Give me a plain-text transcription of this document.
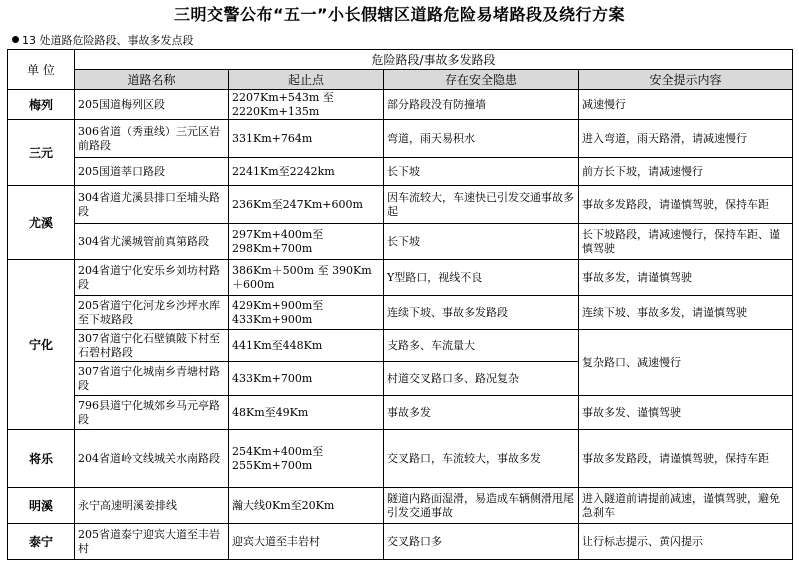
三明交警公布“五一”小长假辖区道路危险易堵路段及绕行方案
13 处道路危险路段、事故多发点段
单 位	危险路段/事故多发路段			
	道路名称	起止点	存在安全隐患	安全提示内容
梅列	205国道梅列区段	2207Km+543m 至 2220Km+135m	部分路段没有防撞墙	减速慢行
三元	306省道（秀重线）三元区岩前路段	331Km+764m	弯道，雨天易积水	进入弯道，雨天路滑，请减速慢行
	205国道莘口路段	2241Km至2242km	长下坡	前方长下坡，请减速慢行
尤溪	304省道尤溪县排口至埔头路段	236Km至247Km+600m	因车流较大，车速快已引发交通事故多起	事故多发路段，请谨慎驾驶，保持车距
	304省尤溪城管前真第路段	297Km+400m至298Km+700m	长下坡	长下坡路段，请减速慢行，保持车距、谨慎驾驶
宁化	204省道宁化安乐乡刘坊村路段	386Km＋500m 至 390Km＋600m	Y型路口，视线不良	事故多发，请谨慎驾驶
	205省道宁化河龙乡沙坪水库至下坡路段	429Km+900m至433Km+900m	连续下坡、事故多发路段	连续下坡、事故多发，请谨慎驾驶
	307省道宁化石壁镇陂下村至石碧村路段	441Km至448Km	支路多、车流量大	复杂路口、减速慢行
	307省道宁化城南乡青塘村路段	433Km+700m	村道交叉路口多、路况复杂	
	796县道宁化城郊乡马元亭路段	48Km至49Km	事故多发	事故多发、谨慎驾驶
将乐	204省道岭文线城关水南路段	254Km+400m至255Km+700m	交叉路口，车流较大，事故多发	事故多发路段，请谨慎驾驶，保持车距
明溪	永宁高速明溪姜排线	瀚大线0Km至20Km	隧道内路面湿滑，易造成车辆侧滑甩尾引发交通事故	进入隧道前请提前减速，谨慎驾驶，避免急刹车
泰宁	205省道泰宁迎宾大道至丰岩村	迎宾大道至丰岩村	交叉路口多	让行标志提示、黄闪提示
